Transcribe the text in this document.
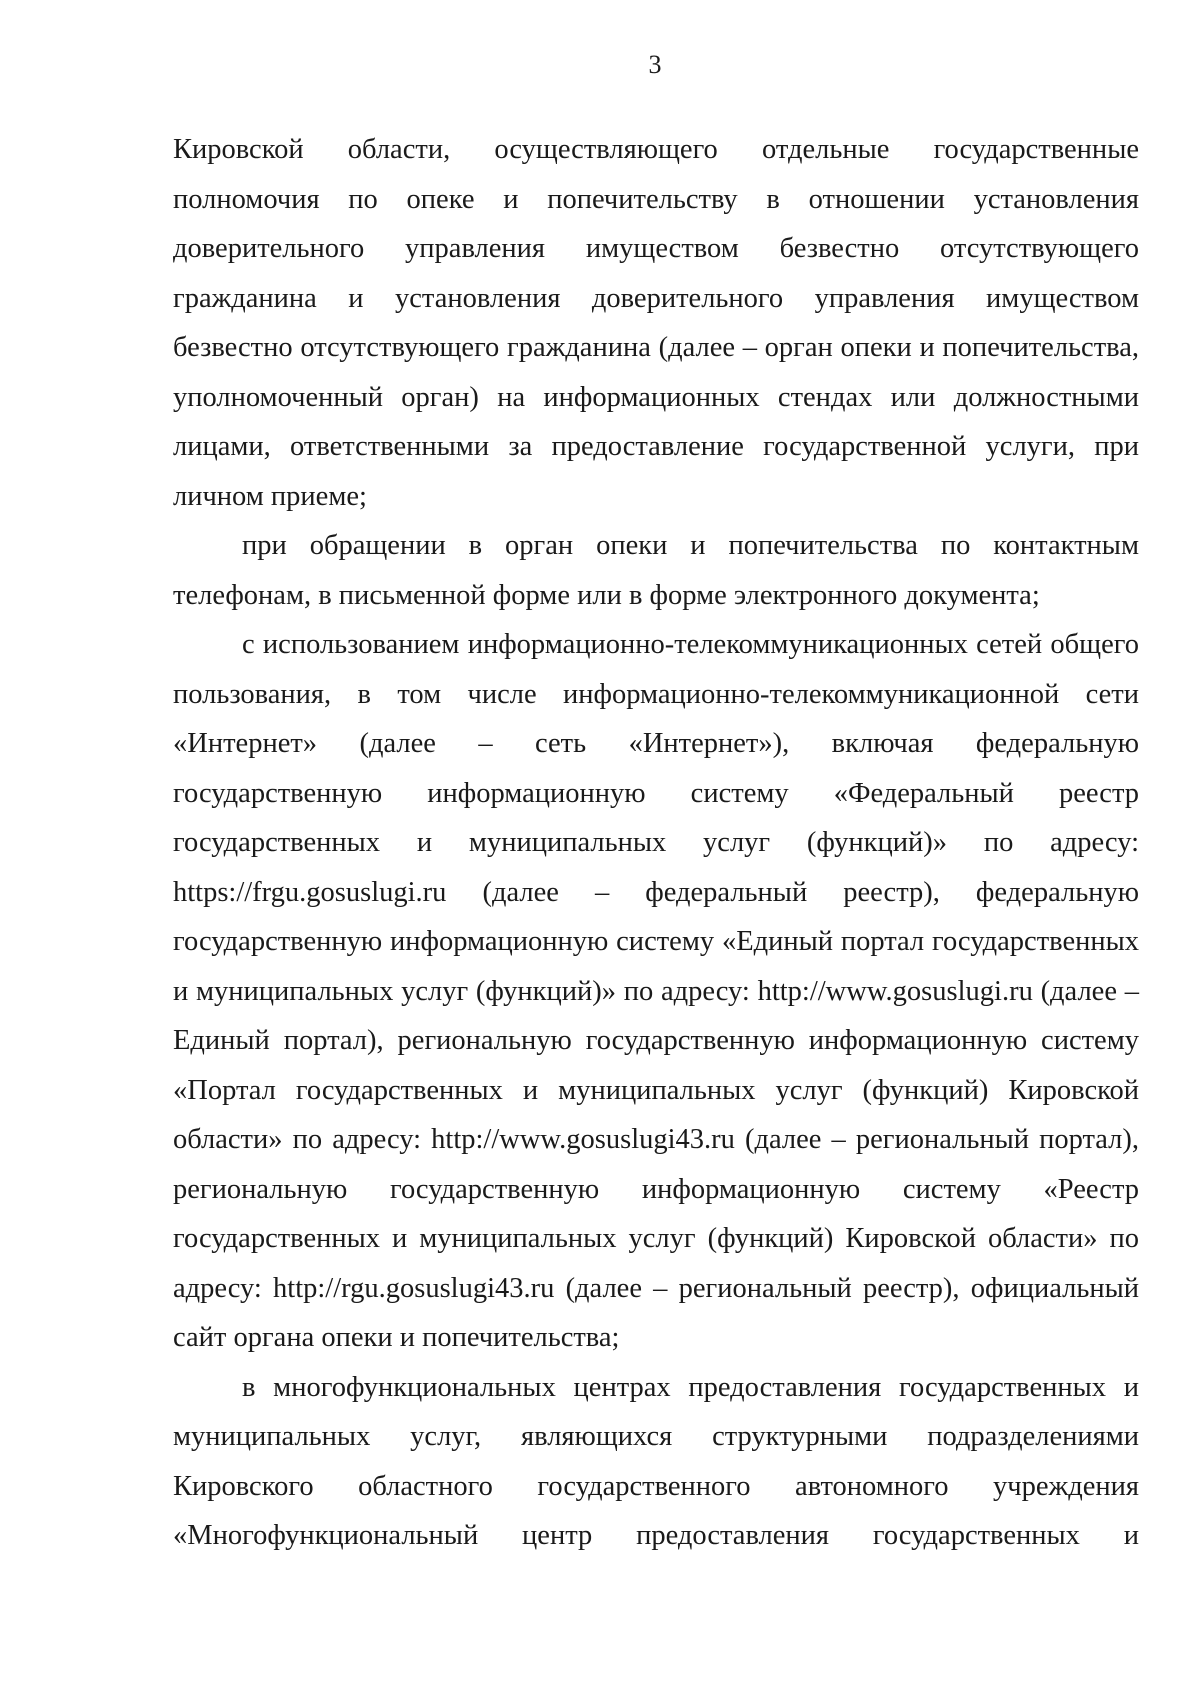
3
Кировской области, осуществляющего отдельные государственные
полномочия по опеке и попечительству в отношении установления
доверительного управления имуществом безвестно отсутствующего
гражданина и установления доверительного управления имуществом
безвестно отсутствующего гражданина (далее – орган опеки и попечительства,
уполномоченный орган) на информационных стендах или должностными
лицами, ответственными за предоставление государственной услуги, при
личном приеме;
при обращении в орган опеки и попечительства по контактным
телефонам, в письменной форме или в форме электронного документа;
с использованием информационно-телекоммуникационных сетей общего
пользования, в том числе информационно-телекоммуникационной сети
«Интернет» (далее – сеть «Интернет»), включая федеральную
государственную информационную систему «Федеральный реестр
государственных и муниципальных услуг (функций)» по адресу:
https://frgu.gosuslugi.ru (далее – федеральный реестр), федеральную
государственную информационную систему «Единый портал государственных
и муниципальных услуг (функций)» по адресу: http://www.gosuslugi.ru (далее –
Единый портал), региональную государственную информационную систему
«Портал государственных и муниципальных услуг (функций) Кировской
области» по адресу: http://www.gosuslugi43.ru (далее – региональный портал),
региональную государственную информационную систему «Реестр
государственных и муниципальных услуг (функций) Кировской области» по
адресу: http://rgu.gosuslugi43.ru (далее – региональный реестр), официальный
сайт органа опеки и попечительства;
в многофункциональных центрах предоставления государственных и
муниципальных услуг, являющихся структурными подразделениями
Кировского областного государственного автономного учреждения
«Многофункциональный центр предоставления государственных и
